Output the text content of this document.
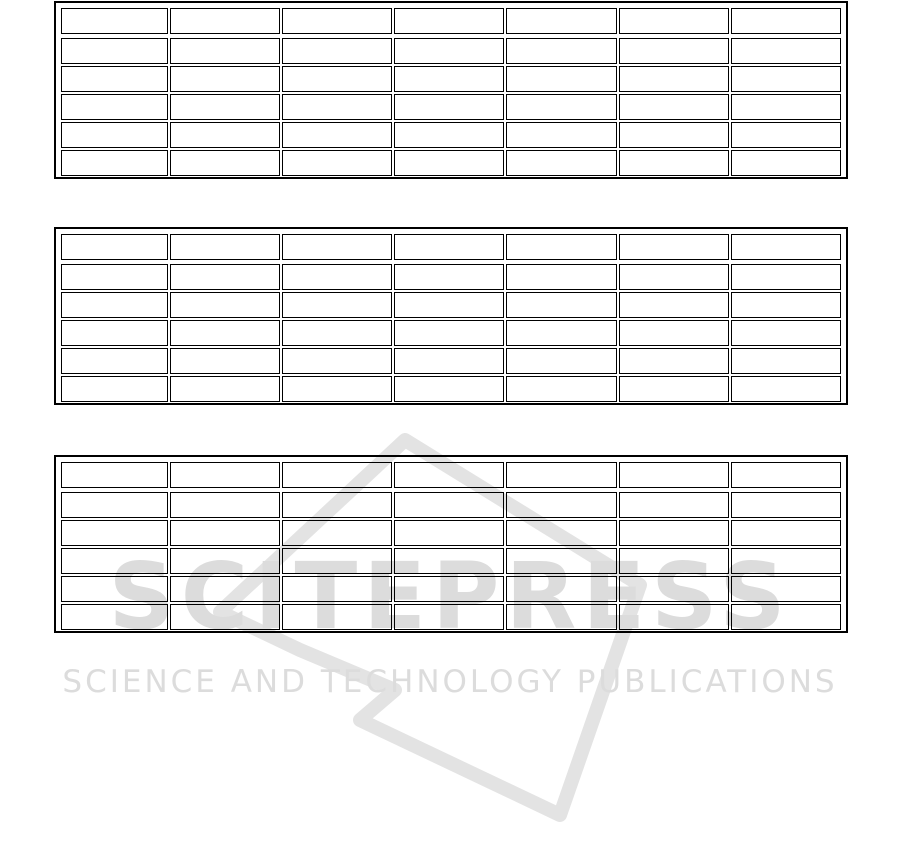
SCITEPRESS
SCIENCE AND TECHNOLOGY PUBLICATIONS
